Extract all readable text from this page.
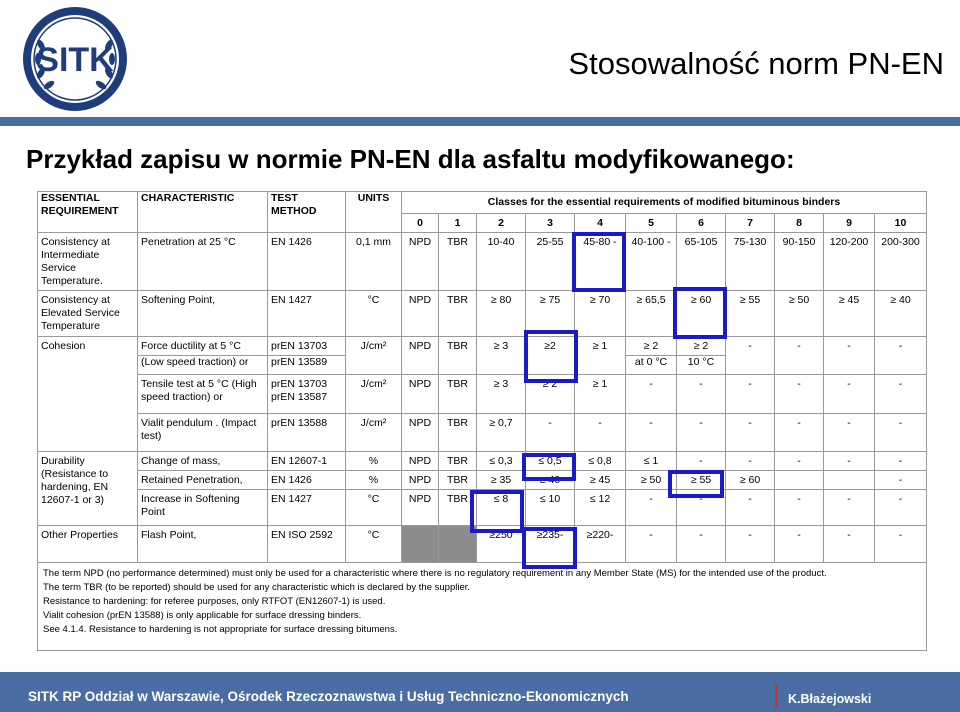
SITK	Stosowalność norm PN-EN
Przykład zapisu w normie PN-EN dla asfaltu modyfikowanego:
ESSENTIAL REQUIREMENT	CHARACTERISTIC	TEST METHOD	UNITS	Classes for the essential requirements of modified bituminous binders										
				0	1	2	3	4	5	6	7	8	9	10
Consistency at Intermediate Service Temperature.	Penetration at 25 °C	EN 1426	0,1 mm	NPD	TBR	10-40	25-55	45-80 -	40-100 -	65-105	75-130	90-150	120-200	200-300
Consistency at Elevated Service Temperature	Softening Point,	EN 1427	°C	NPD	TBR	≥ 80	≥ 75	≥ 70	≥ 65,5	≥ 60	≥ 55	≥ 50	≥ 45	≥ 40
Cohesion	Force ductility at 5 °C	prEN 13703	J/cm²	NPD	TBR	≥ 3	≥2	≥ 1	≥ 2	≥ 2	-	-	-	-
	(Low speed traction) or	prEN 13589							at 0 °C	10 °C				
	Tensile test at 5 °C (High speed traction) or	prEN 13703 prEN 13587	J/cm²	NPD	TBR	≥ 3	≥ 2	≥ 1	-	-	-	-	-	-
	Vialit pendulum . (Impact test)	prEN 13588	J/cm²	NPD	TBR	≥ 0,7	-	-	-	-	-	-	-	-
Durability (Resistance to hardening, EN 12607-1 or 3)	Change of mass,	EN 12607-1	%	NPD	TBR	≤ 0,3	≤ 0,5	≤ 0,8	≤ 1	-	-	-	-	-
	Retained Penetration,	EN 1426	%	NPD	TBR	≥ 35	≥ 40	≥ 45	≥ 50	≥ 55	≥ 60			-
	Increase in Softening Point	EN 1427	°C	NPD	TBR	≤ 8	≤ 10	≤ 12	-	-	-	-	-	-
Other Properties	Flash Point,	EN ISO 2592	°C			≥250	≥235-	≥220-	-	-	-	-	-	-

The term NPD (no performance determined) must only be used for a characteristic where there is no regulatory requirement in any Member State (MS) for the intended use of the product.
The term TBR (to be reported) should be used for any characteristic which is declared by the supplier.
Resistance to hardening: for referee purposes, only RTFOT (EN12607-1) is used.
Vialit cohesion (prEN 13588) is only applicable for surface dressing binders.
See 4.1.4. Resistance to hardening is not appropriate for surface dressing bitumens.														
SITK RP Oddział w Warszawie, Ośrodek Rzeczoznawstwa i Usług Techniczno-Ekonomicznych	K.Błażejowski
